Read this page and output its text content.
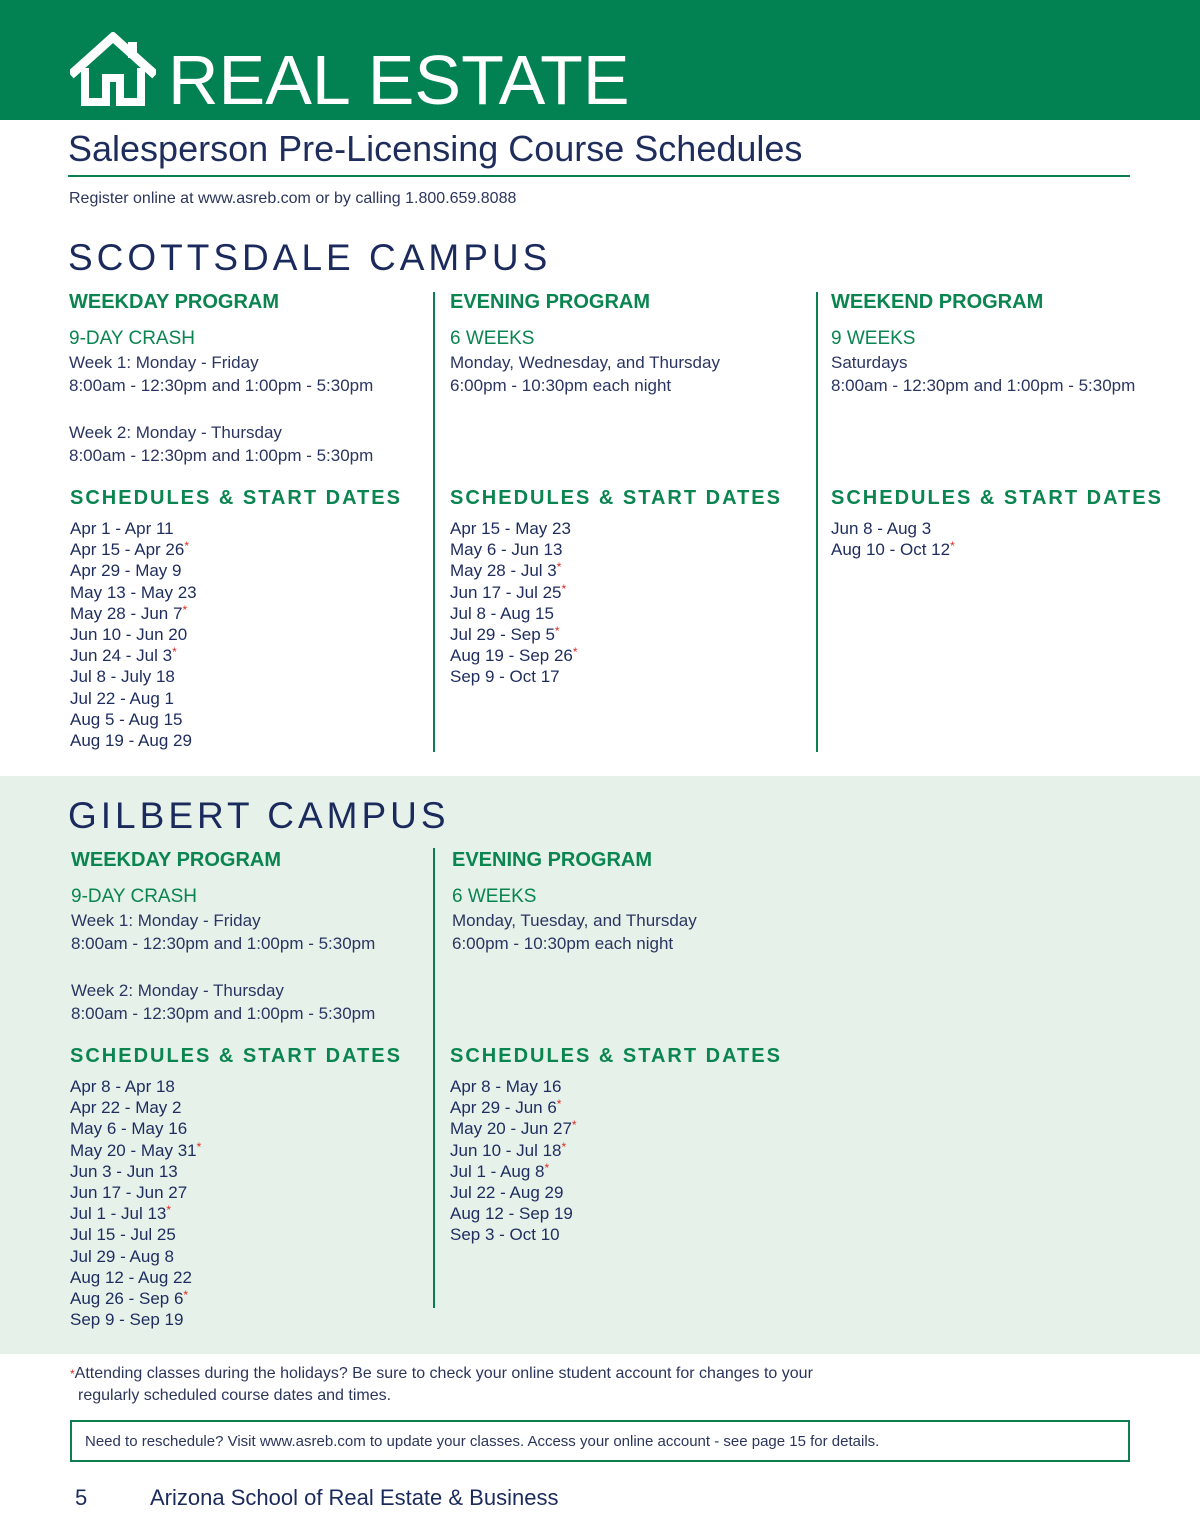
REAL ESTATE
Salesperson Pre-Licensing Course Schedules
Register online at www.asreb.com or by calling 1.800.659.8088
SCOTTSDALE CAMPUS
WEEKDAY PROGRAM
9-DAY CRASH
Week 1: Monday - Friday
8:00am - 12:30pm and 1:00pm - 5:30pm
Week 2: Monday - Thursday
8:00am - 12:30pm and 1:00pm - 5:30pm
EVENING PROGRAM
6 WEEKS
Monday, Wednesday, and Thursday
6:00pm - 10:30pm each night
WEEKEND PROGRAM
9 WEEKS
Saturdays
8:00am - 12:30pm and 1:00pm - 5:30pm
SCHEDULES & START DATES SCHEDULES & START DATES SCHEDULES & START DATES
Apr 1 - Apr 11
Apr 15 - Apr 26*
Apr 29 - May 9
May 13 - May 23
May 28 - Jun 7*
Jun 10 - Jun 20
Jun 24 - Jul 3*
Jul 8 - July 18
Jul 22 - Aug 1
Aug 5 - Aug 15
Aug 19 - Aug 29
Apr 15 - May 23
May 6 - Jun 13
May 28 - Jul 3*
Jun 17 - Jul 25*
Jul 8 - Aug 15
Jul 29 - Sep 5*
Aug 19 - Sep 26*
Sep 9 - Oct 17
Jun 8 - Aug 3
Aug 10 - Oct 12*
GILBERT CAMPUS
WEEKDAY PROGRAM
9-DAY CRASH
Week 1: Monday - Friday
8:00am - 12:30pm and 1:00pm - 5:30pm
Week 2: Monday - Thursday
8:00am - 12:30pm and 1:00pm - 5:30pm
EVENING PROGRAM
6 WEEKS
Monday, Tuesday, and Thursday
6:00pm - 10:30pm each night
SCHEDULES & START DATES SCHEDULES & START DATES
Apr 8 - Apr 18
Apr 22 - May 2
May 6 - May 16
May 20 - May 31*
Jun 3 - Jun 13
Jun 17 - Jun 27
Jul 1 - Jul 13*
Jul 15 - Jul 25
Jul 29 - Aug 8
Aug 12 - Aug 22
Aug 26 - Sep 6*
Sep 9 - Sep 19
Apr 8 - May 16
Apr 29 - Jun 6*
May 20 - Jun 27*
Jun 10 - Jul 18*
Jul 1 - Aug 8*
Jul 22 - Aug 29
Aug 12 - Sep 19
Sep 3 - Oct 10
*Attending classes during the holidays? Be sure to check your online student account for changes to your
regularly scheduled course dates and times.
Need to reschedule? Visit www.asreb.com to update your classes. Access your online account - see page 15 for details.
5	Arizona School of Real Estate & Business
